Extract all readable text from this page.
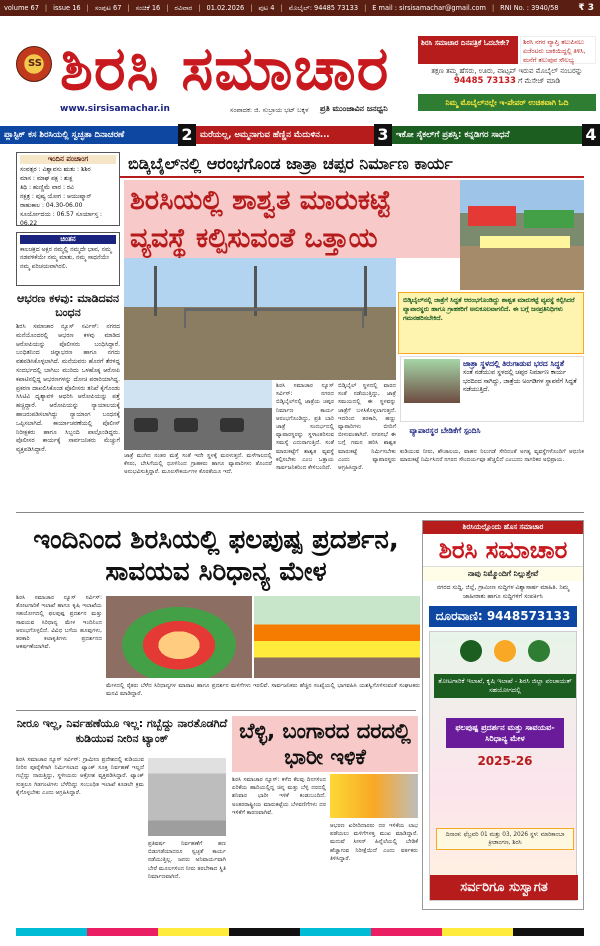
volume 67 | issue 16 | ಸಂಪುಟ 67 | ಸಂಚಿಕೆ 16 | ರವಿವಾರ | 01.02.2026 | ಪುಟ 4 | ಮೊಬೈಲ್: 94485 73133 | E mail : sirsisamachar@gmail.com | RNI No. : 3940/58	₹ 3
SS ಶಿರಸಿ ಸಮಾಚಾರ
www.sirsisamachar.in	ಸಂಪಾದಕ: ಜಿ. ಸುಬ್ರಾಯ ಭಟ್ ಬಕ್ಕಳ ಪ್ರತಿ ಮುಂಜಾವಿನ ಜನಧ್ವನಿ
ಶಿರಸಿ ಸಮಾಚಾರ ದಿನಪತ್ರಿಕೆ ಓದಬೇಕೇ?	ಶಿರಸಿ ನಗರ ವ್ಯಾಪ್ತಿ ತಲುಪಿಸಲು ಏಜೆಂಟರು ಬಾಕಿಯಿದ್ದಲ್ಲಿ ತಿಳಿಸಿ, ಮನೆಗೆ ತಲುಪುವ ಸೌಲಭ್ಯ
ತಕ್ಷಣ ತಮ್ಮ ಹೆಸರು, ಊರು, ವಾಟ್ಸಪ್ ಇರುವ ಮೊಬೈಲ್ ನಂಬರನ್ನು 94485 73133 ಗೆ ಮೆಸೇಜ್ ಮಾಡಿ
ನಿಮ್ಮ ಮೊಬೈಲ್‌ನಲ್ಲೇ ಇ-ಪೇಪರ್ ಉಚಿತವಾಗಿ ಓದಿ
ಪ್ಲಾಸ್ಟಿಕ್‌ ಕಸ ಶಿರಸಿಯಲ್ಲಿ ಸ್ವಚ್ಛತಾ ದಿನಾಚರಣೆ	2 ಮರೆಯಲ್ಲ, ಅಮ್ಮನಾಗುವ ಹೆಣ್ಣಿನ ಮೆದುಳಿನ...	3 ಇಕೋ ಸೈಕಲ್‌ಗೆ ಪ್ರಶಸ್ತಿ: ಕನ್ನಡಿಗರ ಸಾಧನೆ	4
ಇಂದಿನ ಪಂಚಾಂಗ
ಸಂವತ್ಸರ : ವಿಶ್ವಾವಸು ಋತು : ಶಿಶಿರ
ಮಾಸ : ಮಾಘ ಪಕ್ಷ : ಶುಕ್ಲ
ತಿಥಿ : ಹುಣ್ಣಿಮೆ ವಾರ : ರವಿ
ನಕ್ಷತ್ರ : ಪುಷ್ಯ ಯೋಗ : ಆಯುಷ್ಮಾನ್
ರಾಹುಕಾಲ : 04.30-06.00
ಸೂರ್ಯೋದಯ : 06.57 ಸೂರ್ಯಾಸ್ತ : 06.22
ಚಿಂತನ
ಕಾಲಚಕ್ರದ ಅಕ್ಷರ ನಮ್ಮಲ್ಲಿ ನಮ್ಮದೇ ಭಾವ, ನಮ್ಮ ನಡವಳಿಕೆಯೇ ನಮ್ಮ ಮಾತು, ನಮ್ಮ ಸಾಧನೆಯೇ ನಮ್ಮ ಪರಿಚಯವಾಗಿರಲಿ.
ಆಭರಣ ಕಳವು: ಮಾಡಿದವನ ಬಂಧನ

ಶಿರಸಿ ಸಮಾಚಾರ ನ್ಯೂಸ್ ಸರ್ವಿಸ್: ನಗರದ ಮನೆಯೊಂದರಲ್ಲಿ ಆಭರಣ ಕಳವು ಮಾಡಿದ ಆರೋಪಿಯನ್ನು ಪೊಲೀಸರು ಬಂಧಿಸಿದ್ದಾರೆ. ಬಂಧಿತನಿಂದ ಚಿನ್ನಾಭರಣ ಹಾಗೂ ನಗದು ವಶಪಡಿಸಿಕೊಳ್ಳಲಾಗಿದೆ. ಮನೆಯವರು ಹೊರಗೆ ತೆರಳಿದ್ದ ಸಂದರ್ಭದಲ್ಲಿ ಬಾಗಿಲು ಮುರಿದು ಒಳಹೊಕ್ಕ ಆರೋಪಿ ಕಪಾಟಿನಲ್ಲಿದ್ದ ಆಭರಣಗಳನ್ನು ದೋಚಿ ಪರಾರಿಯಾಗಿದ್ದ. ಪ್ರಕರಣ ದಾಖಲಿಸಿಕೊಂಡ ಪೊಲೀಸರು ತನಿಖೆ ಕೈಗೊಂಡು ಸಿಸಿಟಿವಿ ದೃಶ್ಯಾವಳಿ ಆಧರಿಸಿ ಆರೋಪಿಯನ್ನು ಪತ್ತೆ ಹಚ್ಚಿದ್ದಾರೆ. ಆರೋಪಿಯನ್ನು ನ್ಯಾಯಾಲಯಕ್ಕೆ ಹಾಜರುಪಡಿಸಲಾಗಿದ್ದು ನ್ಯಾಯಾಂಗ ಬಂಧನಕ್ಕೆ ಒಪ್ಪಿಸಲಾಗಿದೆ. ಕಾರ್ಯಾಚರಣೆಯಲ್ಲಿ ಪೊಲೀಸ್ ನಿರೀಕ್ಷಕರು ಹಾಗೂ ಸಿಬ್ಬಂದಿ ಪಾಲ್ಗೊಂಡಿದ್ದರು. ಪೊಲೀಸರ ಕಾರ್ಯಕ್ಕೆ ಸಾರ್ವಜನಿಕರು ಮೆಚ್ಚುಗೆ ವ್ಯಕ್ತಪಡಿಸಿದ್ದಾರೆ.

ಬಿಡ್ಕಿಬೈಲ್‌ನಲ್ಲಿ ಆರಂಭಗೊಂಡ ಜಾತ್ರಾ ಚಪ್ಪರ ನಿರ್ಮಾಣ ಕಾರ್ಯ
ಶಿರಸಿಯಲ್ಲಿ ಶಾಶ್ವತ ಮಾರುಕಟ್ಟೆ ವ್ಯವಸ್ಥೆ ಕಲ್ಪಿಸುವಂತೆ ಒತ್ತಾಯ
ಶಿರಸಿ ಸಮಾಚಾರ ನ್ಯೂಸ್ ಸರ್ವಿಸ್: ನಗರದ ಬಿಡ್ಕಿಬೈಲ್‌ನಲ್ಲಿ ಜಾತ್ರೆಯ ಚಪ್ಪರ ನಿರ್ಮಾಣ ಕಾರ್ಯ ಆರಂಭಗೊಂಡಿದ್ದು, ಪ್ರತಿ ಬಾರಿ ಜಾತ್ರೆ ಸಂದರ್ಭದಲ್ಲಿ ವ್ಯಾಪಾರಸ್ಥರನ್ನು ಸ್ಥಳಾಂತರಿಸುವ ಸಮಸ್ಯೆ ಎದುರಾಗುತ್ತಿದೆ. ಸಂತೆ ಮಾರುಕಟ್ಟೆಗೆ ಶಾಶ್ವತ ವ್ಯವಸ್ಥೆ ಕಲ್ಪಿಸಬೇಕು ಎಂಬ ಒತ್ತಾಯ ಸಾರ್ವಜನಿಕರಿಂದ ಕೇಳಿಬಂದಿದೆ.
ಬಿಡ್ಕಿಬೈಲ್ ಸ್ಥಳದಲ್ಲಿ ವಾರದ ಸಂತೆ ನಡೆಯುತ್ತಿದ್ದು, ಜಾತ್ರೆ ಸಮಯದಲ್ಲಿ ಈ ಸ್ಥಳವನ್ನು ಜಾತ್ರೆಗೆ ಬಳಸಿಕೊಳ್ಳಲಾಗುತ್ತದೆ. ಇದರಿಂದ ತರಕಾರಿ, ಹಣ್ಣು ವ್ಯಾಪಾರಿಗಳು ಬೀದಿಗೆ ಬೀಳುವಂತಾಗಿದೆ. ನಗರಸಭೆ ಈ ಬಗ್ಗೆ ಗಮನ ಹರಿಸಿ ಶಾಶ್ವತ ಮಾರುಕಟ್ಟೆ ನಿರ್ಮಿಸಬೇಕು ಎಂದು ವ್ಯಾಪಾರಸ್ಥರು ಆಗ್ರಹಿಸಿದ್ದಾರೆ.
ಜಾತ್ರೆ ಮುಗಿದ ನಂತರ ಮತ್ತೆ ಸಂತೆ ಇದೇ ಸ್ಥಳಕ್ಕೆ ಮರಳುತ್ತದೆ. ಮಳೆಗಾಲದಲ್ಲಿ ಕೆಸರು, ಬೇಸಿಗೆಯಲ್ಲಿ ಧೂಳಿನಿಂದ ಗ್ರಾಹಕರು ಹಾಗೂ ವ್ಯಾಪಾರಿಗಳು ತೊಂದರೆ ಅನುಭವಿಸುತ್ತಿದ್ದಾರೆ. ಮೂಲಸೌಕರ್ಯಗಳ ಕೊರತೆಯೂ ಇದೆ.
ಬಿಡ್ಕಿಬೈಲ್‌ನಲ್ಲಿ ಜಾತ್ರೆಗೆ ಸಿದ್ಧತೆ ಆರಂಭಗೊಂಡಿದ್ದು ಶಾಶ್ವತ ಮಾರುಕಟ್ಟೆ ವ್ಯವಸ್ಥೆ ಕಲ್ಪಿಸಿದರೆ ವ್ಯಾಪಾರಸ್ಥರು ಹಾಗೂ ಗ್ರಾಹಕರಿಗೆ ಅನುಕೂಲವಾಗಲಿದೆ. ಈ ಬಗ್ಗೆ ಜನಪ್ರತಿನಿಧಿಗಳು ಗಮನಹರಿಸಬೇಕಿದೆ.
ಜಾತ್ರಾ ಸ್ಥಳದಲ್ಲಿ ತಿರುಗಾಡುವ ಭರದ ಸಿದ್ಧತೆ
ಸಂತೆ ನಡೆಯುವ ಸ್ಥಳದಲ್ಲಿ ಚಪ್ಪರ ನಿರ್ಮಾಣ ಕಾರ್ಯ ಭರದಿಂದ ಸಾಗಿದ್ದು, ಜಾತ್ರೆಯ ಅಂಗಡಿಗಳ ಸ್ಥಾಪನೆಗೆ ಸಿದ್ಧತೆ ನಡೆಯುತ್ತಿದೆ.
ವ್ಯಾಪಾರಸ್ಥರ ಬೇಡಿಕೆಗೆ ಸ್ಪಂದಿಸಿ
ಕುಡಿಯುವ ನೀರು, ಶೌಚಾಲಯ, ವಾಹನ ನಿಲುಗಡೆ ಸೇರಿದಂತೆ ಅಗತ್ಯ ವ್ಯವಸ್ಥೆಗಳೊಂದಿಗೆ ಆಧುನಿಕ ಮಾರುಕಟ್ಟೆ ನಿರ್ಮಿಸಿದರೆ ನಗರದ ಸೌಂದರ್ಯವೂ ಹೆಚ್ಚಲಿದೆ ಎಂಬುದು ನಾಗರಿಕರ ಅಭಿಪ್ರಾಯ.
ಇಂದಿನಿಂದ ಶಿರಸಿಯಲ್ಲಿ ಫಲಪುಷ್ಪ ಪ್ರದರ್ಶನ, ಸಾವಯವ ಸಿರಿಧಾನ್ಯ ಮೇಳ
ಶಿರಸಿ ಸಮಾಚಾರ ನ್ಯೂಸ್ ಸರ್ವಿಸ್: ತೋಟಗಾರಿಕೆ ಇಲಾಖೆ ಹಾಗೂ ಕೃಷಿ ಇಲಾಖೆಯ ಸಹಯೋಗದಲ್ಲಿ ಫಲಪುಷ್ಪ ಪ್ರದರ್ಶನ ಮತ್ತು ಸಾವಯವ ಸಿರಿಧಾನ್ಯ ಮೇಳ ಇಂದಿನಿಂದ ಆರಂಭಗೊಳ್ಳಲಿದೆ. ವಿವಿಧ ಬಗೆಯ ಹೂವುಗಳು, ತರಕಾರಿ ಕಲಾಕೃತಿಗಳು ಪ್ರದರ್ಶನದ ಆಕರ್ಷಣೆಯಾಗಿವೆ.
ಮೇಳದಲ್ಲಿ ರೈತರು ಬೆಳೆದ ಸಿರಿಧಾನ್ಯಗಳ ಮಾರಾಟ ಹಾಗೂ ಪ್ರದರ್ಶನ ಮಳಿಗೆಗಳು ಇರಲಿವೆ. ಸಾರ್ವಜನಿಕರು ಹೆಚ್ಚಿನ ಸಂಖ್ಯೆಯಲ್ಲಿ ಭಾಗವಹಿಸಿ ಯಶಸ್ವಿಗೊಳಿಸುವಂತೆ ಸಂಘಟಕರು ಮನವಿ ಮಾಡಿದ್ದಾರೆ.
ಶಿರಸಿಯಲ್ಲೊಂದು ಹೊಸ ಸಮಾಚಾರ
ಶಿರಸಿ ಸಮಾಚಾರ
ನಾವು ನಿಮ್ಮೊಂದಿಗೆ ನಿಲ್ಲುತ್ತೇವೆ
ನಗರದ ಸುದ್ದಿ, ಜಿಲ್ಲೆ, ಗ್ರಾಮೀಣ ಸುದ್ದಿಗಳ ವಿಶ್ವಾಸಾರ್ಹ ಮಾಹಿತಿ. ನಿಮ್ಮ ಜಾಹೀರಾತು ಹಾಗೂ ಸುದ್ದಿಗಳಿಗೆ ಸಂಪರ್ಕಿಸಿ
ದೂರವಾಣಿ: 9448573133
ತೋಟಗಾರಿಕೆ ಇಲಾಖೆ, ಕೃಷಿ ಇಲಾಖೆ - ಶಿರಸಿ ಜಿಲ್ಲಾ ಪಂಚಾಯತ್ ಸಹಯೋಗದಲ್ಲಿ
ಫಲಪುಷ್ಪ ಪ್ರದರ್ಶನ ಮತ್ತು ಸಾವಯವ-ಸಿರಿಧಾನ್ಯ ಮೇಳ
2025-26
ದಿನಾಂಕ: ಫೆಬ್ರವರಿ 01 ಮತ್ತು 03, 2026 ಸ್ಥಳ: ಮಾರಿಕಾಂಬಾ ಕ್ರೀಡಾಂಗಣ, ಶಿರಸಿ
ಸರ್ವರಿಗೂ ಸುಸ್ವಾಗತ
ನೀರೂ ಇಲ್ಲ, ನಿರ್ವಹಣೆಯೂ ಇಲ್ಲ: ಗಬ್ಬೆದ್ದು ನಾರತೊಡಗಿದೆ ಕುಡಿಯುವ ನೀರಿನ ಟ್ಯಾಂಕ್
ಶಿರಸಿ ಸಮಾಚಾರ ನ್ಯೂಸ್ ಸರ್ವಿಸ್: ಗ್ರಾಮೀಣ ಪ್ರದೇಶದಲ್ಲಿ ಕುಡಿಯುವ ನೀರಿನ ಪೂರೈಕೆಗಾಗಿ ನಿರ್ಮಿಸಲಾದ ಟ್ಯಾಂಕ್ ಸೂಕ್ತ ನಿರ್ವಹಣೆ ಇಲ್ಲದೆ ಗಬ್ಬೆದ್ದು ನಾರುತ್ತಿದ್ದು, ಸ್ಥಳೀಯರು ಆಕ್ರೋಶ ವ್ಯಕ್ತಪಡಿಸಿದ್ದಾರೆ. ಟ್ಯಾಂಕ್ ಸುತ್ತಲೂ ಗಿಡಗಂಟಿಗಳು ಬೆಳೆದಿದ್ದು ಸಂಬಂಧಿತ ಇಲಾಖೆ ಕೂಡಲೇ ಕ್ರಮ ಕೈಗೊಳ್ಳಬೇಕು ಎಂದು ಆಗ್ರಹಿಸಿದ್ದಾರೆ.
ಪ್ರತಿವರ್ಷ ನಿರ್ವಹಣೆಗೆ ಹಣ ಬಿಡುಗಡೆಯಾದರೂ ಸ್ವಚ್ಛತೆ ಕಾರ್ಯ ನಡೆಯುತ್ತಿಲ್ಲ. ಜನರು ಅನಿವಾರ್ಯವಾಗಿ ಬೇರೆ ಮೂಲಗಳಿಂದ ನೀರು ತರಬೇಕಾದ ಸ್ಥಿತಿ ನಿರ್ಮಾಣವಾಗಿದೆ.
ಬೆಳ್ಳಿ, ಬಂಗಾರದ ದರದಲ್ಲಿ ಭಾರೀ ಇಳಿಕೆ
ಶಿರಸಿ ಸಮಾಚಾರ ನ್ಯೂಸ್: ಕಳೆದ ಕೆಲವು ದಿನಗಳಿಂದ ಏರಿಕೆಯ ಹಾದಿಯಲ್ಲಿದ್ದ ಚಿನ್ನ ಮತ್ತು ಬೆಳ್ಳಿ ದರದಲ್ಲಿ ಶನಿವಾರ ಭಾರೀ ಇಳಿಕೆ ಕಂಡುಬಂದಿದೆ. ಅಂತರರಾಷ್ಟ್ರೀಯ ಮಾರುಕಟ್ಟೆಯ ಬೆಳವಣಿಗೆಗಳು ದರ ಇಳಿಕೆಗೆ ಕಾರಣವಾಗಿವೆ.
ಆಭರಣ ಖರೀದಿದಾರರು ದರ ಇಳಿಕೆಯ ಲಾಭ ಪಡೆಯಲು ಮಳಿಗೆಗಳತ್ತ ಮುಖ ಮಾಡಿದ್ದಾರೆ. ಮದುವೆ ಸೀಸನ್ ಹಿನ್ನೆಲೆಯಲ್ಲಿ ಬೇಡಿಕೆ ಹೆಚ್ಚಾಗುವ ನಿರೀಕ್ಷೆಯಿದೆ ಎಂದು ವರ್ತಕರು ತಿಳಿಸಿದ್ದಾರೆ.
